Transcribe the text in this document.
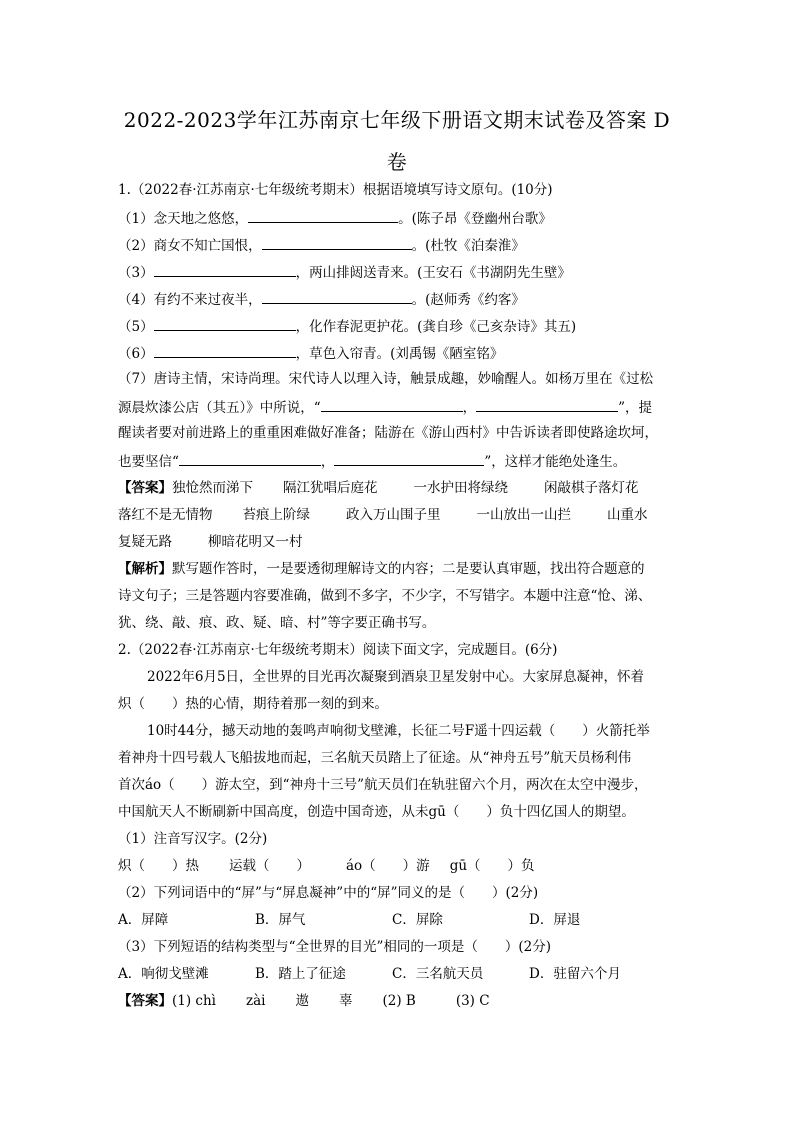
2022-2023学年江苏南京七年级下册语文期末试卷及答案 D
卷
1.（2022春·江苏南京·七年级统考期末）根据语境填写诗文原句。(10分)
（1）念天地之悠悠，	。(陈子昂《登幽州台歌》
（2）商女不知亡国恨，	。(杜牧《泊秦淮》
（3）	，两山排闼送青来。(王安石《书湖阴先生壁》
（4）有约不来过夜半，	。(赵师秀《约客》
（5）	，化作春泥更护花。(龚自珍《己亥杂诗》其五)
（6）	，草色入帘青。(刘禹锡《陋室铭》
（7）唐诗主情，宋诗尚理。宋代诗人以理入诗，触景成趣，妙喻醒人。如杨万里在《过松
源晨炊漆公店（其五）》中所说，“	，	”，提
醒读者要对前进路上的重重困难做好准备；陆游在《游山西村》中告诉读者即使路途坎坷，
也要坚信“	，	”，这样才能绝处逢生。
【答案】独怆然而涕下 隔江犹唱后庭花	一水护田将绿绕	闲敲棋子落灯花
落红不是无情物 苔痕上阶绿	政入万山围子里	一山放出一山拦	山重水
复疑无路	柳暗花明又一村
【解析】默写题作答时，一是要透彻理解诗文的内容；二是要认真审题，找出符合题意的
诗文句子；三是答题内容要准确，做到不多字，不少字，不写错字。本题中注意“怆、涕、
犹、绕、敲、痕、政、疑、暗、村”等字要正确书写。
2.（2022春·江苏南京·七年级统考期末）阅读下面文字，完成题目。(6分)
2022年6月5日，全世界的目光再次凝聚到酒泉卫星发射中心。大家屏息凝神，怀着
炽（　　）热的心情，期待着那一刻的到来。
10时44分，撼天动地的轰鸣声响彻戈壁滩，长征二号F遥十四运载（　　）火箭托举
着神舟十四号载人飞船拔地而起，三名航天员踏上了征途。从“神舟五号”航天员杨利伟
首次áo（　　）游太空，到“神舟十三号”航天员们在轨驻留六个月，两次在太空中漫步，
中国航天人不断刷新中国高度，创造中国奇迹，从未gū（　　）负十四亿国人的期望。
（1）注音写汉字。(2分)
炽（　　）热 运载（　　）	áo（　　）游 gū（　　）负
（2）下列词语中的“屏”与“屏息凝神”中的“屏”同义的是（　　）(2分)
A．屏障	B．屏气	C．屏除	D．屏退
（3）下列短语的结构类型与“全世界的目光”相同的一项是（　　）(2分)
A．响彻戈壁滩	B．踏上了征途	C．三名航天员	D．驻留六个月
【答案】(1) chì zài 遨 辜 (2) B	(3) C
